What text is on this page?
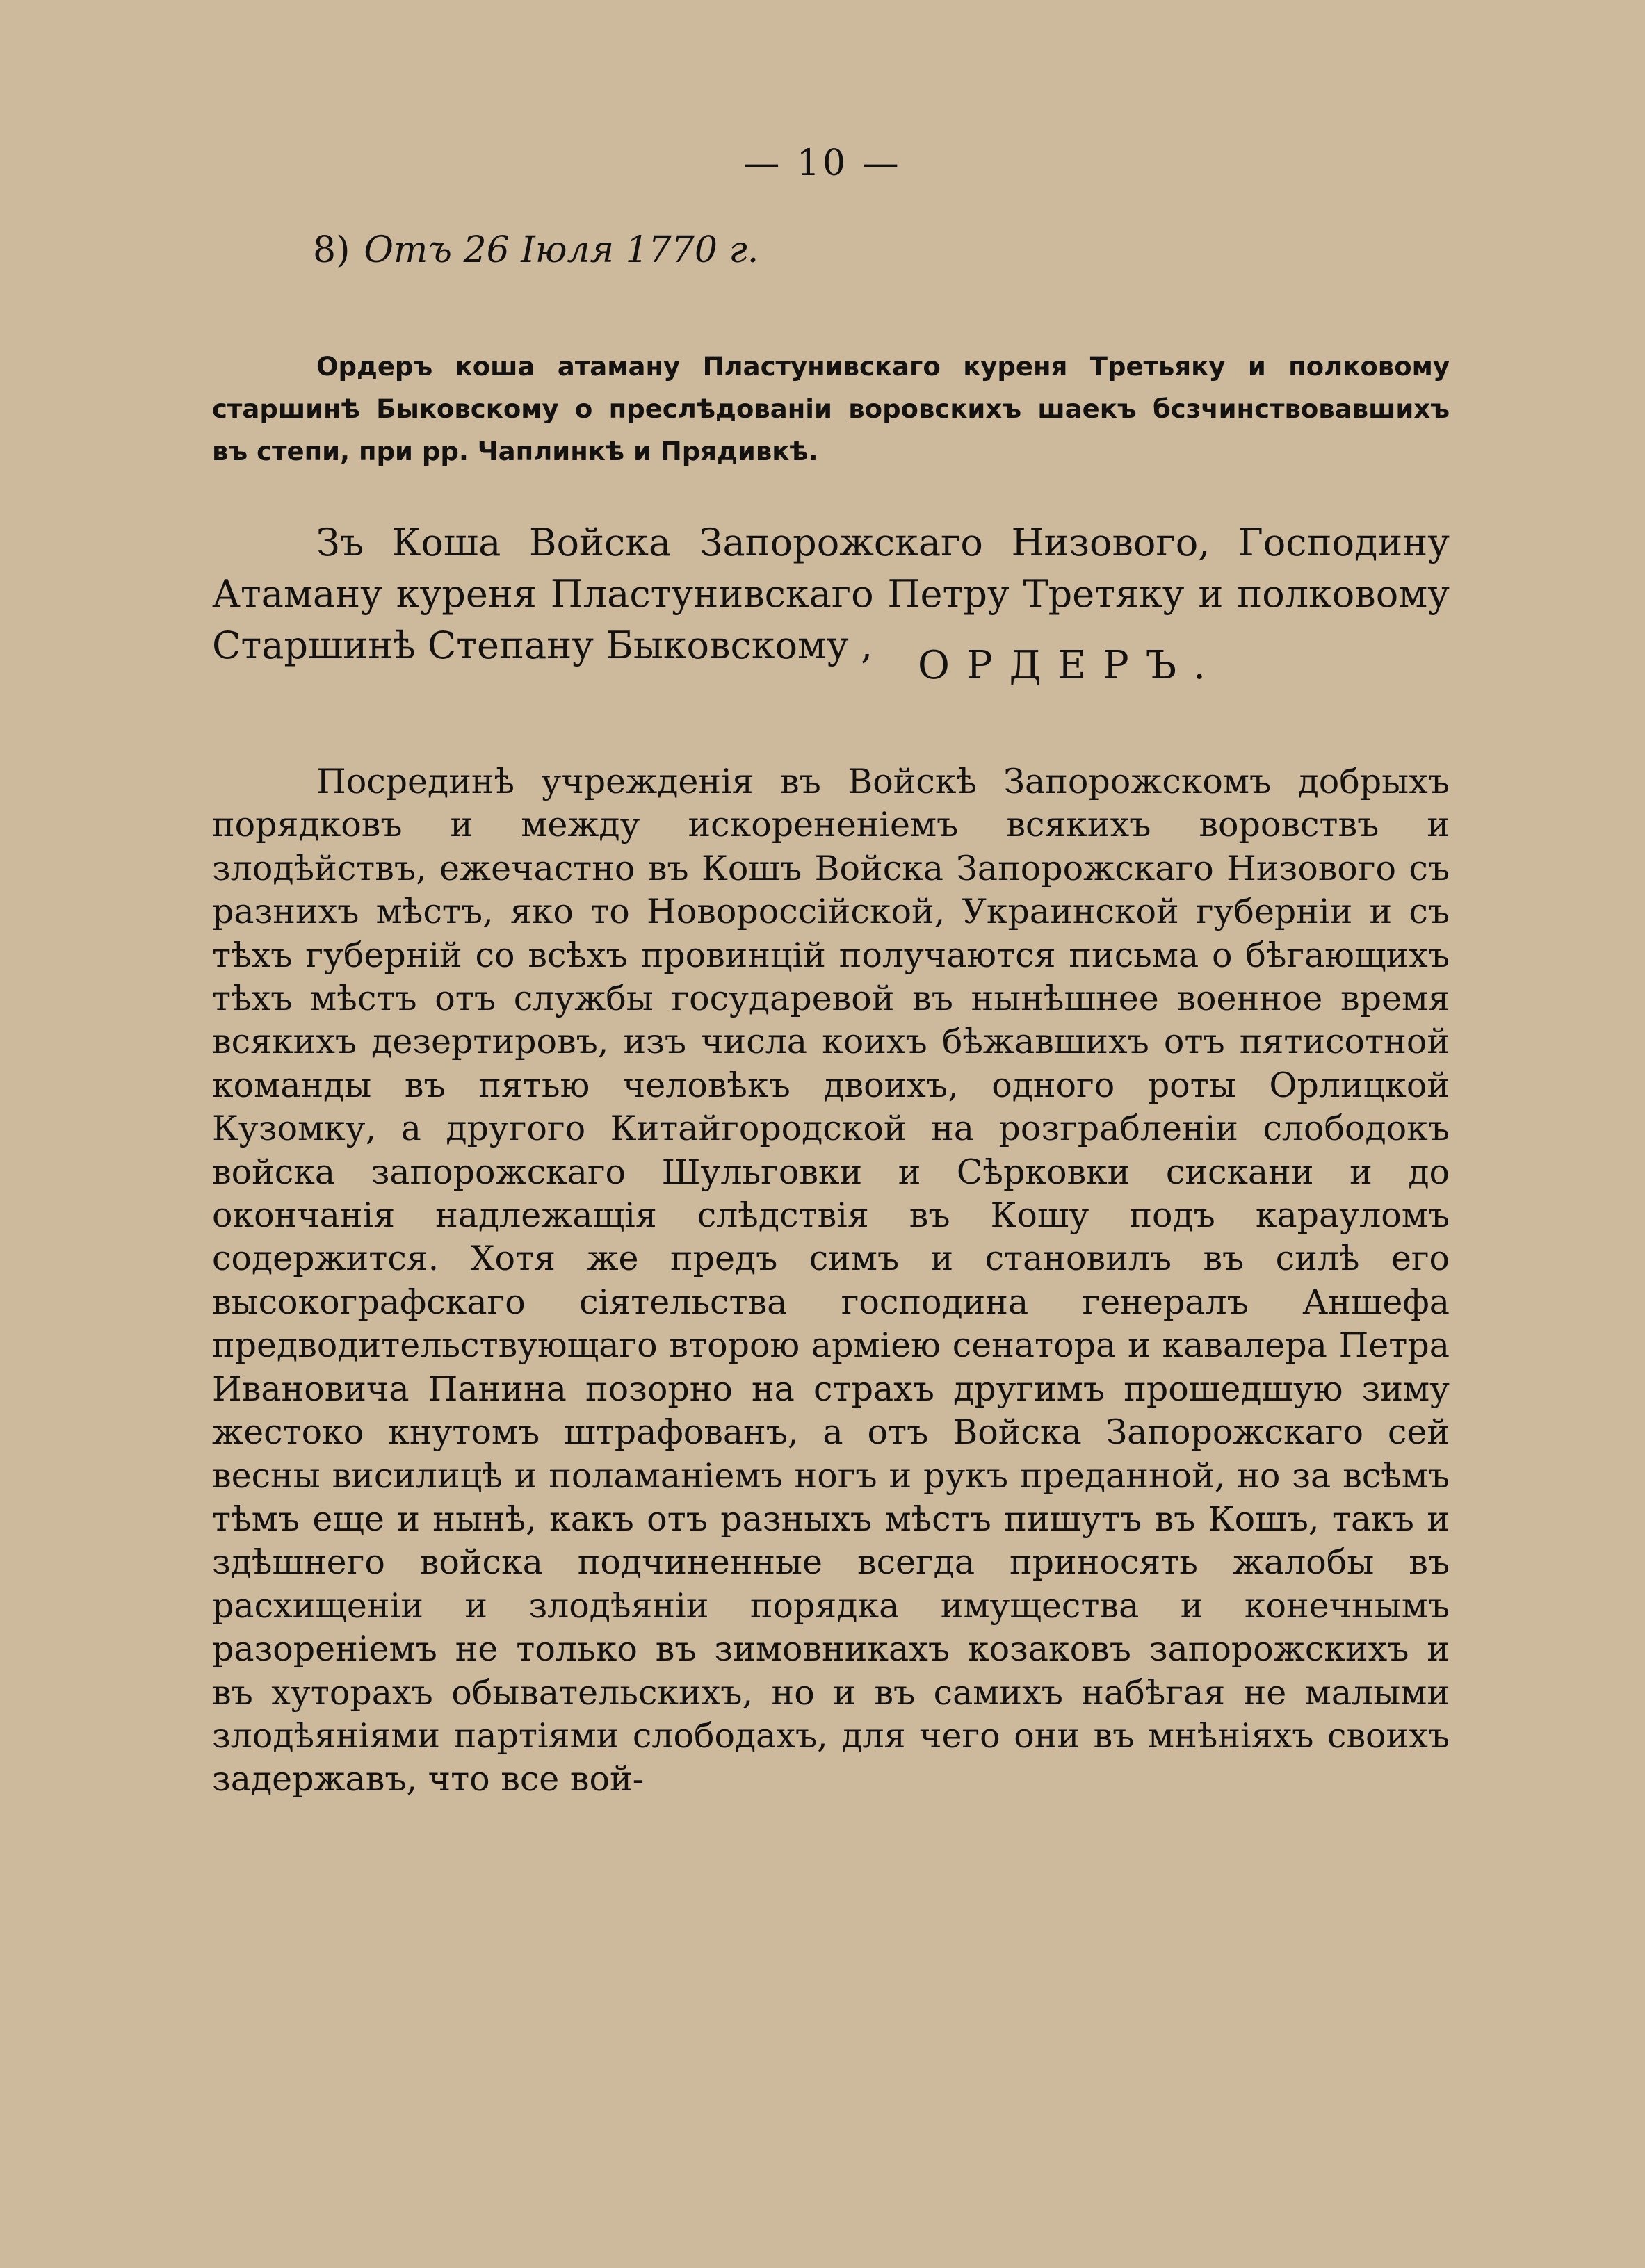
— 10 —
8) Отъ 26 Іюля 1770 г.

Ордеръ коша атаману Пластунивскаго куреня Третьяку и полковому старшинѣ Быковскому о преслѣдованіи воровскихъ шаекъ бсзчинствовавшихъ въ степи, при рр. Чаплинкѣ и Прядивкѣ.

Зъ Коша Войска Запорожскаго Низового, Господину Атаману куреня Пластунивскаго Петру Третяку и полковому Старшинѣ Степану Быковскому ,	ОРДЕРЪ.

Посрединѣ учрежденія въ Войскѣ Запорожскомъ добрыхъ порядковъ и между искорененіемъ всякихъ воровствъ и злодѣйствъ, ежечастно въ Кошъ Войска Запорожскаго Низового съ разнихъ мѣстъ, яко то Новороссійской, Украинской губерніи и съ тѣхъ губерній со всѣхъ провинцій получаются письма о бѣгающихъ тѣхъ мѣстъ отъ службы государевой въ нынѣшнее военное время всякихъ дезертировъ, изъ числа коихъ бѣжавшихъ отъ пятисотной команды въ пятью человѣкъ двоихъ, одного роты Орлицкой Кузомку, а другого Китайгородской на розграбленіи слободокъ войска запорожскаго Шульговки и Сѣрковки сискани и до окончанія надлежащія слѣдствія въ Кошу подъ карауломъ содержится. Хотя же предъ симъ и становилъ въ силѣ его высокографскаго сіятельства господина генералъ Аншефа предводительствующаго второю арміею сенатора и кавалера Петра Ивановича Панина позорно на страхъ другимъ прошедшую зиму жестоко кнутомъ штрафованъ, а отъ Войска Запорожскаго сей весны висилицѣ и поламаніемъ ногъ и рукъ преданной, но за всѣмъ тѣмъ еще и нынѣ, какъ отъ разныхъ мѣстъ пишутъ въ Кошъ, такъ и здѣшнего войска подчиненные всегда приносять жалобы въ расхищеніи и злодѣяніи порядка имущества и конечнымъ разореніемъ не только въ зимовникахъ козаковъ запорожскихъ и въ хуторахъ обывательскихъ, но и въ самихъ набѣгая не малыми злодѣяніями партіями слободахъ, для чего они въ мнѣніяхъ своихъ задержавъ, что все вой-
